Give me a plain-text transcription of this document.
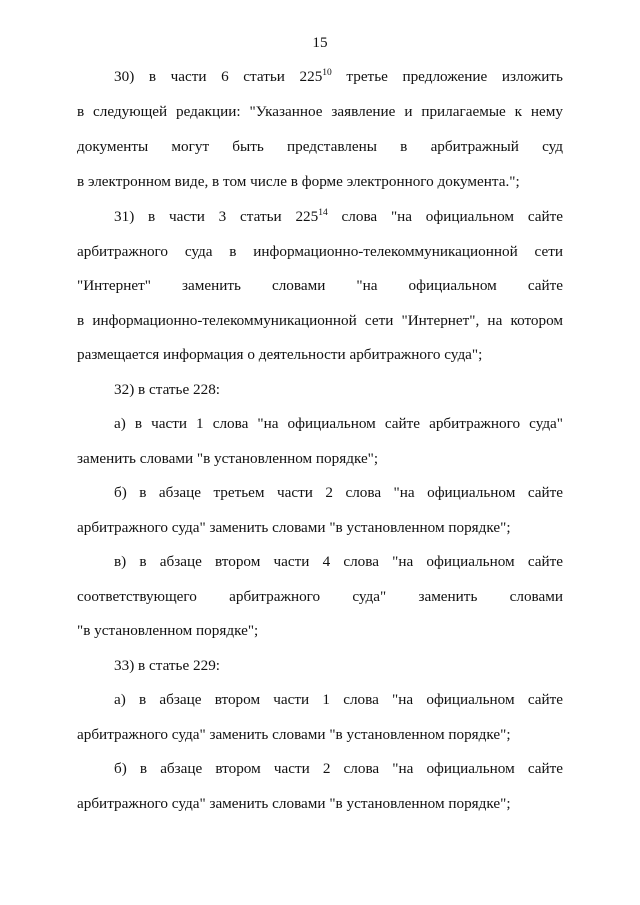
15
30) в части 6 статьи $225^{10}$ третье предложение изложить
в следующей редакции: "Указанное заявление и прилагаемые к нему
документы могут быть представлены в арбитражный суд
в электронном виде, в том числе в форме электронного документа.";
31) в части 3 статьи $225^{14}$ слова "на официальном сайте
арбитражного суда в информационно-телекоммуникационной сети
"Интернет" заменить словами "на официальном сайте
в информационно-телекоммуникационной сети "Интернет", на котором
размещается информация о деятельности арбитражного суда";
32) в статье 228:
а) в части 1 слова "на официальном сайте арбитражного суда"
заменить словами "в установленном порядке";
б) в абзаце третьем части 2 слова "на официальном сайте
арбитражного суда" заменить словами "в установленном порядке";
в) в абзаце втором части 4 слова "на официальном сайте
соответствующего арбитражного суда" заменить словами
"в установленном порядке";
33) в статье 229:
а) в абзаце втором части 1 слова "на официальном сайте
арбитражного суда" заменить словами "в установленном порядке";
б) в абзаце втором части 2 слова "на официальном сайте
арбитражного суда" заменить словами "в установленном порядке";
